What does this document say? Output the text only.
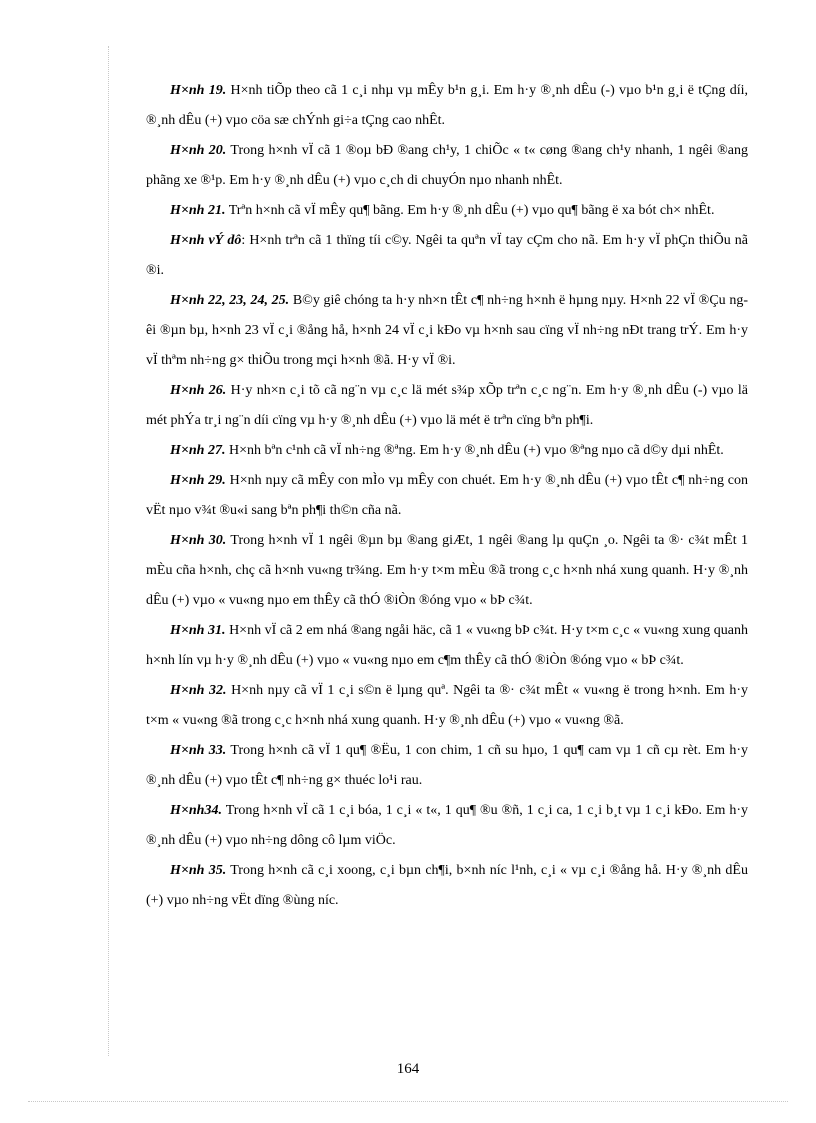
H×nh 19. H×nh tiÕp theo cã 1 c¸i nhµ vµ mÊy b¹n g¸i. Em h·y ®¸nh dÊu (-) vµo b¹n g¸i ë tÇng díi, ®¸nh dÊu (+) vµo cöa sæ chÝnh gi÷a tÇng cao nhÊt.

H×nh 20. Trong h×nh vÏ cã 1 ®oµ bÐ ®ang ch¹y, 1 chiÕc « t« cøng ®ang ch¹y nhanh, 1 ngêi ®ang phãng xe ®¹p. Em h·y ®¸nh dÊu (+) vµo c¸ch di chuyÓn nµo nhanh nhÊt.

H×nh 21. Trªn h×nh cã vÏ mÊy qu¶ bãng. Em h·y ®¸nh dÊu (+) vµo qu¶ bãng ë xa bót ch× nhÊt.

H×nh vÝ dô: H×nh trªn cã 1 thïng tíi c©y. Ngêi ta quªn vÏ tay cÇm cho nã. Em h·y vÏ phÇn thiÕu nã ®i.

H×nh 22, 23, 24, 25. B©y giê chóng ta h·y nh×n tÊt c¶ nh÷ng h×nh ë hµng nµy. H×nh 22 vÏ ®Çu ngêi ®µn bµ, h×nh 23 vÏ c¸i ®ång hå, h×nh 24 vÏ c¸i kÐo vµ h×nh sau cïng vÏ nh÷ng nÐt trang trÝ. Em h·y vÏ thªm nh÷ng g× thiÕu trong mçi h×nh ®ã. H·y vÏ ®i.

H×nh 26. H·y nh×n c¸i tõ cã ng¨n vµ c¸c lä mét s¾p xÕp trªn c¸c ng¨n. Em h·y ®¸nh dÊu (-) vµo lä mét phÝa tr¸i ng¨n díi cïng vµ h·y ®¸nh dÊu (+) vµo lä mét ë trªn cïng bªn ph¶i.

H×nh 27. H×nh bªn c¹nh cã vÏ nh÷ng ®ªng. Em h·y ®¸nh dÊu (+) vµo ®ªng nµo cã d©y dµi nhÊt.

H×nh 29. H×nh nµy cã mÊy con mÌo vµ mÊy con chuét. Em h·y ®¸nh dÊu (+) vµo tÊt c¶ nh÷ng con vËt nµo v¾t ®u«i sang bªn ph¶i th©n cña nã.

H×nh 30. Trong h×nh vÏ 1 ngêi ®µn bµ ®ang giÆt, 1 ngêi ®ang lµ quÇn ¸o. Ngêi ta ®· c¾t mÊt 1 mÈu cña h×nh, chç cã h×nh vu«ng tr¾ng. Em h·y t×m mÈu ®ã trong c¸c h×nh nhá xung quanh. H·y ®¸nh dÊu (+) vµo « vu«ng nµo em thÊy cã thÓ ®iÒn ®óng vµo « bÞ c¾t.

H×nh 31. H×nh vÏ cã 2 em nhá ®ang ngåi häc, cã 1 « vu«ng bÞ c¾t. H·y t×m c¸c « vu«ng xung quanh h×nh lín vµ h·y ®¸nh dÊu (+) vµo « vu«ng nµo em c¶m thÊy cã thÓ ®iÒn ®óng vµo « bÞ c¾t.

H×nh 32. H×nh nµy cã vÏ 1 c¸i s©n ë lµng quª. Ngêi ta ®· c¾t mÊt « vu«ng ë trong h×nh. Em h·y t×m « vu«ng ®ã trong c¸c h×nh nhá xung quanh. H·y ®¸nh dÊu (+) vµo « vu«ng ®ã.

H×nh 33. Trong h×nh cã vÏ 1 qu¶ ®Ëu, 1 con chim, 1 cñ su hµo, 1 qu¶ cam vµ 1 cñ cµ rèt. Em h·y ®¸nh dÊu (+) vµo tÊt c¶ nh÷ng g× thuéc lo¹i rau.

H×nh34. Trong h×nh vÏ cã 1 c¸i bóa, 1 c¸i « t«, 1 qu¶ ®u ®ñ, 1 c¸i ca, 1 c¸i b¸t vµ 1 c¸i kÐo. Em h·y ®¸nh dÊu (+) vµo nh÷ng dông cô lµm viÖc.

H×nh 35. Trong h×nh cã c¸i xoong, c¸i bµn ch¶i, b×nh níc l¹nh, c¸i « vµ c¸i ®ång hå. H·y ®¸nh dÊu (+) vµo nh÷ng vËt dïng ®ùng níc.

164
